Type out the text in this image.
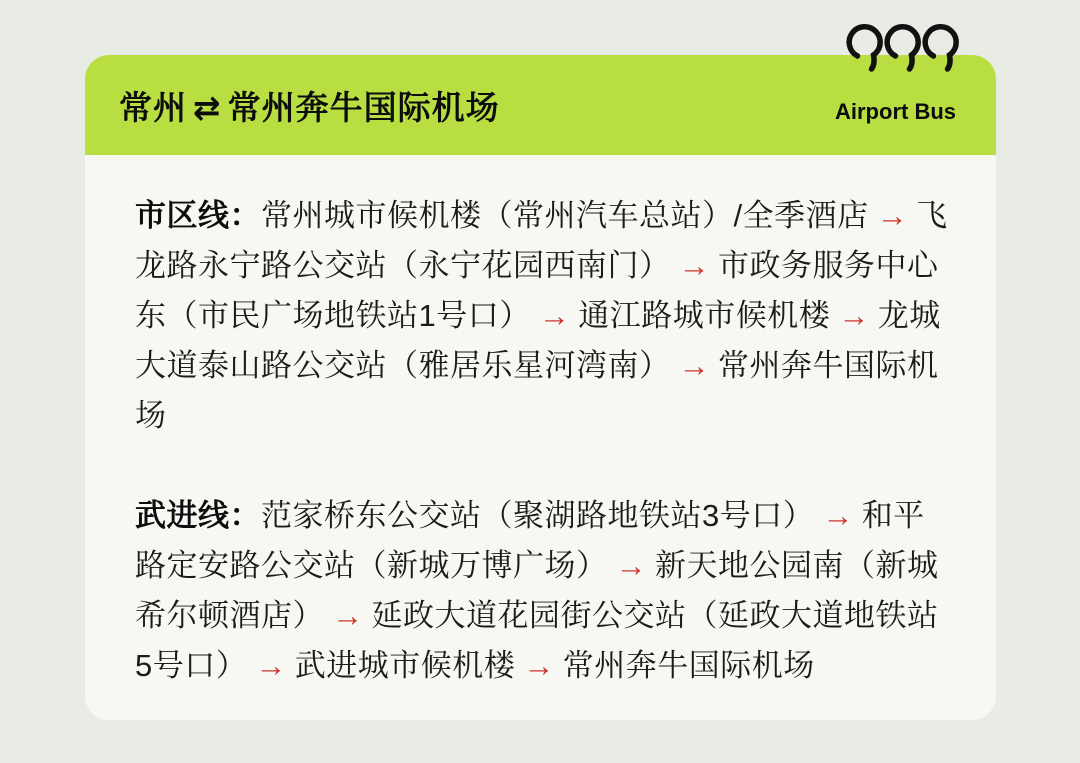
常州 ⇄ 常州奔牛国际机场	Airport Bus

市区线：常州城市候机楼（常州汽车总站）/全季酒店 → 飞龙路永宁路公交站（永宁花园西南门） → 市政务服务中心东（市民广场地铁站1号口） → 通江路城市候机楼 → 龙城大道泰山路公交站（雅居乐星河湾南） → 常州奔牛国际机场

武进线：范家桥东公交站（聚湖路地铁站3号口） → 和平路定安路公交站（新城万博广场） → 新天地公园南（新城希尔顿酒店） → 延政大道花园街公交站（延政大道地铁站5号口） → 武进城市候机楼 → 常州奔牛国际机场
